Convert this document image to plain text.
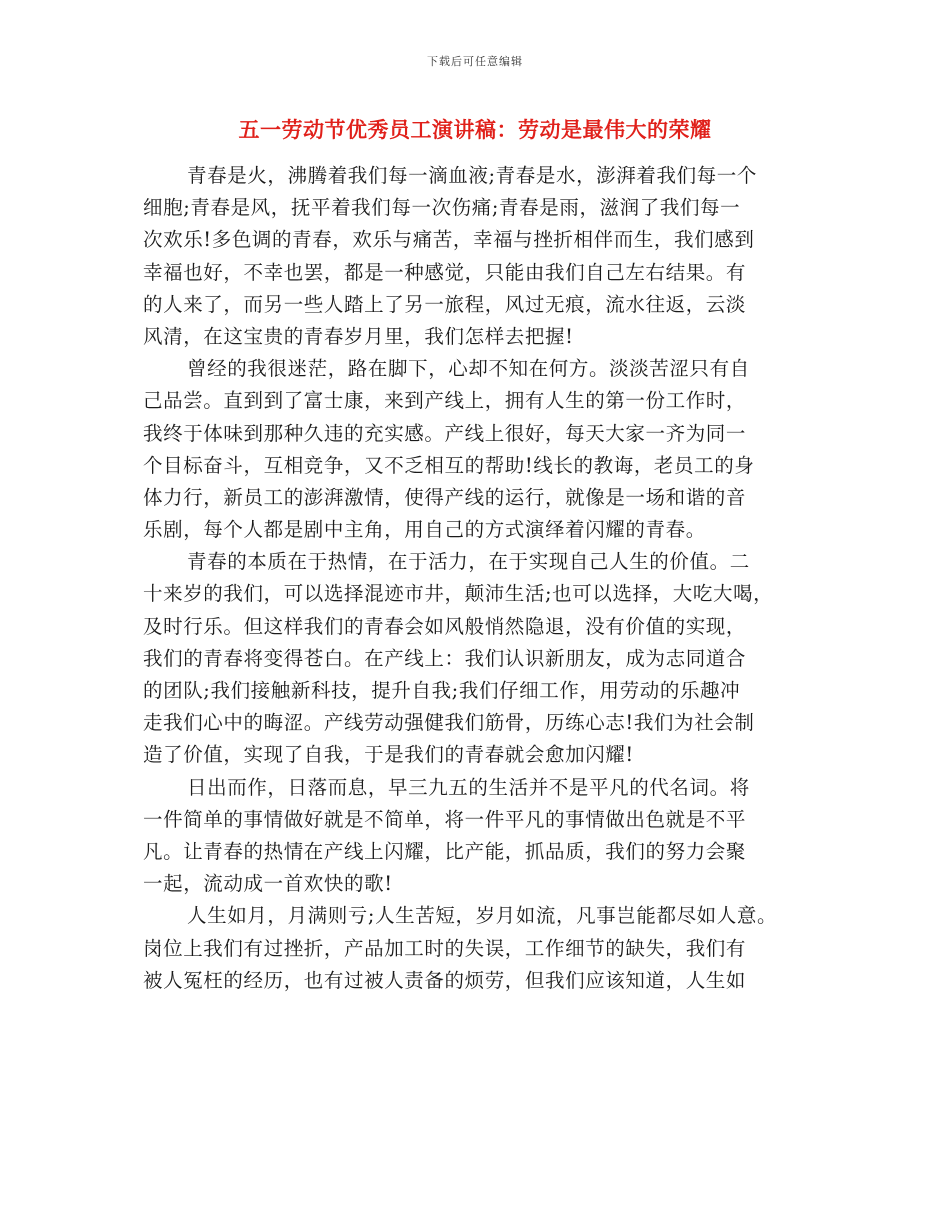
下载后可任意编辑
五一劳动节优秀员工演讲稿：劳动是最伟大的荣耀
青春是火，沸腾着我们每一滴血液;青春是水，澎湃着我们每一个
细胞;青春是风，抚平着我们每一次伤痛;青春是雨，滋润了我们每一
次欢乐!多色调的青春，欢乐与痛苦，幸福与挫折相伴而生，我们感到
幸福也好，不幸也罢，都是一种感觉，只能由我们自己左右结果。有
的人来了，而另一些人踏上了另一旅程，风过无痕，流水往返，云淡
风清，在这宝贵的青春岁月里，我们怎样去把握!
曾经的我很迷茫，路在脚下，心却不知在何方。淡淡苦涩只有自
己品尝。直到到了富士康，来到产线上，拥有人生的第一份工作时，
我终于体味到那种久违的充实感。产线上很好，每天大家一齐为同一
个目标奋斗，互相竞争，又不乏相互的帮助!线长的教诲，老员工的身
体力行，新员工的澎湃激情，使得产线的运行，就像是一场和谐的音
乐剧，每个人都是剧中主角，用自己的方式演绎着闪耀的青春。
青春的本质在于热情，在于活力，在于实现自己人生的价值。二
十来岁的我们，可以选择混迹市井，颠沛生活;也可以选择，大吃大喝，
及时行乐。但这样我们的青春会如风般悄然隐退，没有价值的实现，
我们的青春将变得苍白。在产线上：我们认识新朋友，成为志同道合
的团队;我们接触新科技，提升自我;我们仔细工作，用劳动的乐趣冲
走我们心中的晦涩。产线劳动强健我们筋骨，历练心志!我们为社会制
造了价值，实现了自我，于是我们的青春就会愈加闪耀!
日出而作，日落而息，早三九五的生活并不是平凡的代名词。将
一件简单的事情做好就是不简单，将一件平凡的事情做出色就是不平
凡。让青春的热情在产线上闪耀，比产能，抓品质，我们的努力会聚
一起，流动成一首欢快的歌!
人生如月，月满则亏;人生苦短，岁月如流，凡事岂能都尽如人意。
岗位上我们有过挫折，产品加工时的失误，工作细节的缺失，我们有
被人冤枉的经历，也有过被人责备的烦劳，但我们应该知道，人生如
